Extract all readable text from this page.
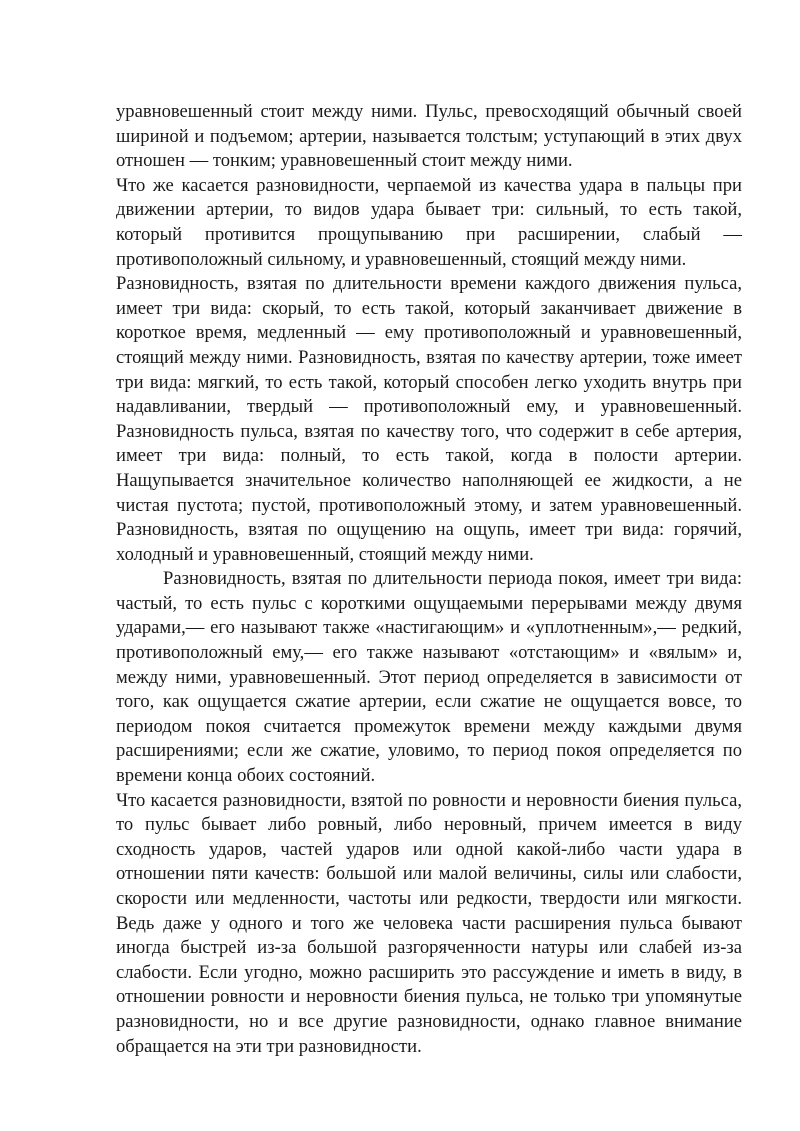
уравновешенный стоит между ними. Пульс, превосходящий обычный своей шириной и подъемом; артерии, называется толстым; уступающий в этих двух отношен — тонким; уравновешенный стоит между ними.

Что же касается разновидности, черпаемой из качества удара в пальцы при движении артерии, то видов удара бывает три: сильный, то есть такой, который противится прощупыванию при расширении, слабый — противоположный сильному, и уравновешенный, стоящий между ними.

Разновидность, взятая по длительности времени каждого движения пульса, имеет три вида: скорый, то есть такой, который заканчивает движение в короткое время, медленный — ему противоположный и уравновешенный, стоящий между ними. Разновидность, взятая по качеству артерии, тоже имеет три вида: мягкий, то есть такой, который способен легко уходить внутрь при надавливании, твердый — противоположный ему, и уравновешенный. Разновидность пульса, взятая по качеству того, что содержит в себе артерия, имеет три вида: полный, то есть такой, когда в полости артерии. Нащупывается значительное количество наполняющей ее жидкости, а не чистая пустота; пустой, противоположный этому, и затем уравновешенный. Разновидность, взятая по ощущению на ощупь, имеет три вида: горячий, холодный и уравновешенный, стоящий между ними.

Разновидность, взятая по длительности периода покоя, имеет три вида: частый, то есть пульс с короткими ощущаемыми перерывами между двумя ударами,— его называют также «настигающим» и «уплотненным»,— редкий, противоположный ему,— его также называют «отстающим» и «вялым» и, между ними, уравновешенный. Этот период определяется в зависимости от того, как ощущается сжатие артерии, если сжатие не ощущается вовсе, то периодом покоя считается промежуток времени между каждыми двумя расширениями; если же сжатие, уловимо, то период покоя определяется по времени конца обоих состояний.

Что касается разновидности, взятой по ровности и неровности биения пульса, то пульс бывает либо ровный, либо неровный, причем имеется в виду сходность ударов, частей ударов или одной какой-либо части удара в отношении пяти качеств: большой или малой величины, силы или слабости, скорости или медленности, частоты или редкости, твердости или мягкости. Ведь даже у одного и того же человека части расширения пульса бывают иногда быстрей из-за большой разгоряченности натуры или слабей из-за слабости. Если угодно, можно расширить это рассуждение и иметь в виду, в отношении ровности и неровности биения пульса, не только три упомянутые разновидности, но и все другие разновидности, однако главное внимание обращается на эти три разновидности.
